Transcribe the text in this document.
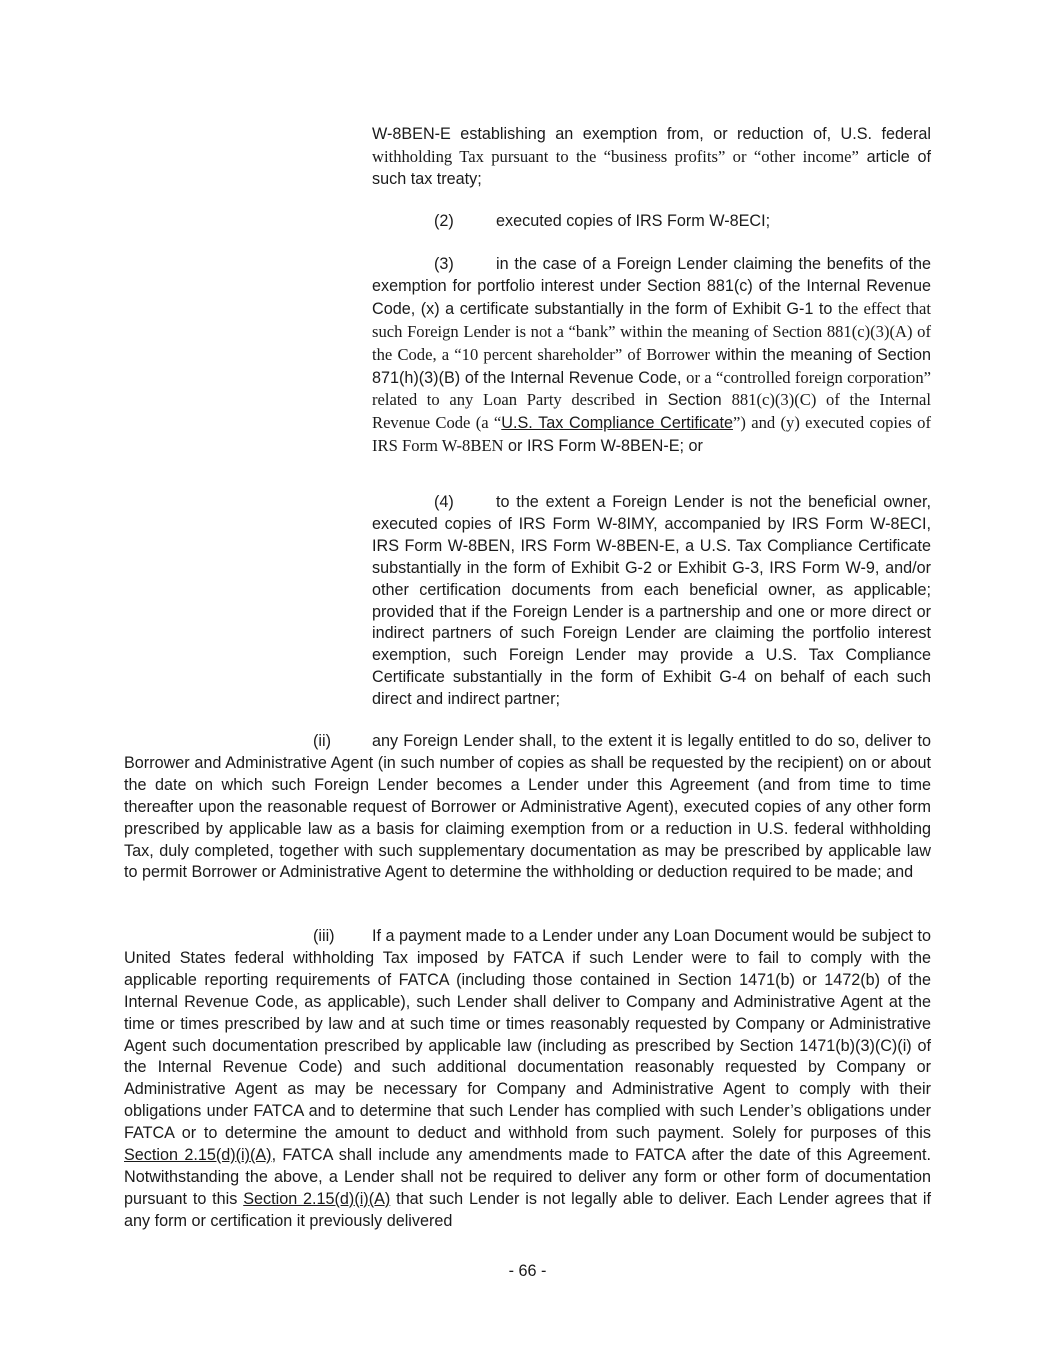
W-8BEN-E establishing an exemption from, or reduction of, U.S. federal withholding Tax pursuant to the “business profits” or “other income” article of such tax treaty;

(2)	executed copies of IRS Form W-8ECI;

(3)	in the case of a Foreign Lender claiming the benefits of the exemption for portfolio interest under Section 881(c) of the Internal Revenue Code, (x) a certificate substantially in the form of Exhibit G-1 to the effect that such Foreign Lender is not a “bank” within the meaning of Section 881(c)(3)(A) of the Code, a “10 percent shareholder” of Borrower within the meaning of Section 871(h)(3)(B) of the Internal Revenue Code, or a “controlled foreign corporation” related to any Loan Party described in Section 881(c)(3)(C) of the Internal Revenue Code (a “U.S. Tax Compliance Certificate”) and (y) executed copies of IRS Form W-8BEN or IRS Form W-8BEN-E; or

(4)	to the extent a Foreign Lender is not the beneficial owner, executed copies of IRS Form W-8IMY, accompanied by IRS Form W-8ECI, IRS Form W-8BEN, IRS Form W-8BEN-E, a U.S. Tax Compliance Certificate substantially in the form of Exhibit G-2 or Exhibit G-3, IRS Form W-9, and/or other certification documents from each beneficial owner, as applicable; provided that if the Foreign Lender is a partnership and one or more direct or indirect partners of such Foreign Lender are claiming the portfolio interest exemption, such Foreign Lender may provide a U.S. Tax Compliance Certificate substantially in the form of Exhibit G-4 on behalf of each such direct and indirect partner;

(ii)	any Foreign Lender shall, to the extent it is legally entitled to do so, deliver to Borrower and Administrative Agent (in such number of copies as shall be requested by the recipient) on or about the date on which such Foreign Lender becomes a Lender under this Agreement (and from time to time thereafter upon the reasonable request of Borrower or Administrative Agent), executed copies of any other form prescribed by applicable law as a basis for claiming exemption from or a reduction in U.S. federal withholding Tax, duly completed, together with such supplementary documentation as may be prescribed by applicable law to permit Borrower or Administrative Agent to determine the withholding or deduction required to be made; and

(iii) If a payment made to a Lender under any Loan Document would be subject to United States federal withholding Tax imposed by FATCA if such Lender were to fail to comply with the applicable reporting requirements of FATCA (including those contained in Section 1471(b) or 1472(b) of the Internal Revenue Code, as applicable), such Lender shall deliver to Company and Administrative Agent at the time or times prescribed by law and at such time or times reasonably requested by Company or Administrative Agent such documentation prescribed by applicable law (including as prescribed by Section 1471(b)(3)(C)(i) of the Internal Revenue Code) and such additional documentation reasonably requested by Company or Administrative Agent as may be necessary for Company and Administrative Agent to comply with their obligations under FATCA and to determine that such Lender has complied with such Lender’s obligations under FATCA or to determine the amount to deduct and withhold from such payment. Solely for purposes of this Section 2.15(d)(i)(A), FATCA shall include any amendments made to FATCA after the date of this Agreement. Notwithstanding the above, a Lender shall not be required to deliver any form or other form of documentation pursuant to this Section 2.15(d)(i)(A) that such Lender is not legally able to deliver. Each Lender agrees that if any form or certification it previously delivered

- 66 -
